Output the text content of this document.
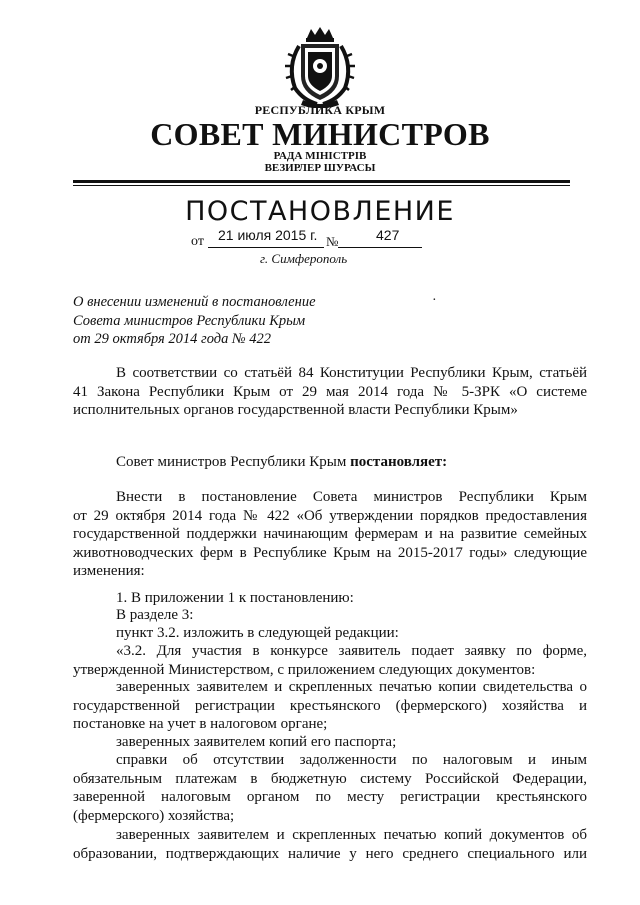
РЕСПУБЛИКА КРЫМ
СОВЕТ МИНИСТРОВ
РАДА МІНІСТРІВ
ВЕЗИРЛЕР ШУРАСЫ
ПОСТАНОВЛЕНИЕ
от 21 июля 2015 г. №	427
г. Симферополь
О внесении изменений в постановление
Совета министров Республики Крым
от 29 октября 2014 года № 422
·
В соответствии со статьёй 84 Конституции Республики Крым, статьёй
41 Закона Республики Крым от 29 мая 2014 года № 5-ЗРК «О системе
исполнительных органов государственной власти Республики Крым»
Совет министров Республики Крым постановляет:
Внести в постановление Совета министров Республики Крым
от 29 октября 2014 года № 422 «Об утверждении порядков предоставления
государственной поддержки начинающим фермерам и на развитие семейных
животноводческих ферм в Республике Крым на 2015-2017 годы» следующие
изменения:
1. В приложении 1 к постановлению:
В разделе 3:
пункт 3.2. изложить в следующей редакции:
«3.2. Для участия в конкурсе заявитель подает заявку по форме,
утвержденной Министерством, с приложением следующих документов:
заверенных заявителем и скрепленных печатью копии свидетельства о
государственной регистрации крестьянского (фермерского) хозяйства и
постановке на учет в налоговом органе;
заверенных заявителем копий его паспорта;
справки об отсутствии задолженности по налоговым и иным
обязательным платежам в бюджетную систему Российской Федерации,
заверенной налоговым органом по месту регистрации крестьянского
(фермерского) хозяйства;
заверенных заявителем и скрепленных печатью копий документов об
образовании, подтверждающих наличие у него среднего специального или
